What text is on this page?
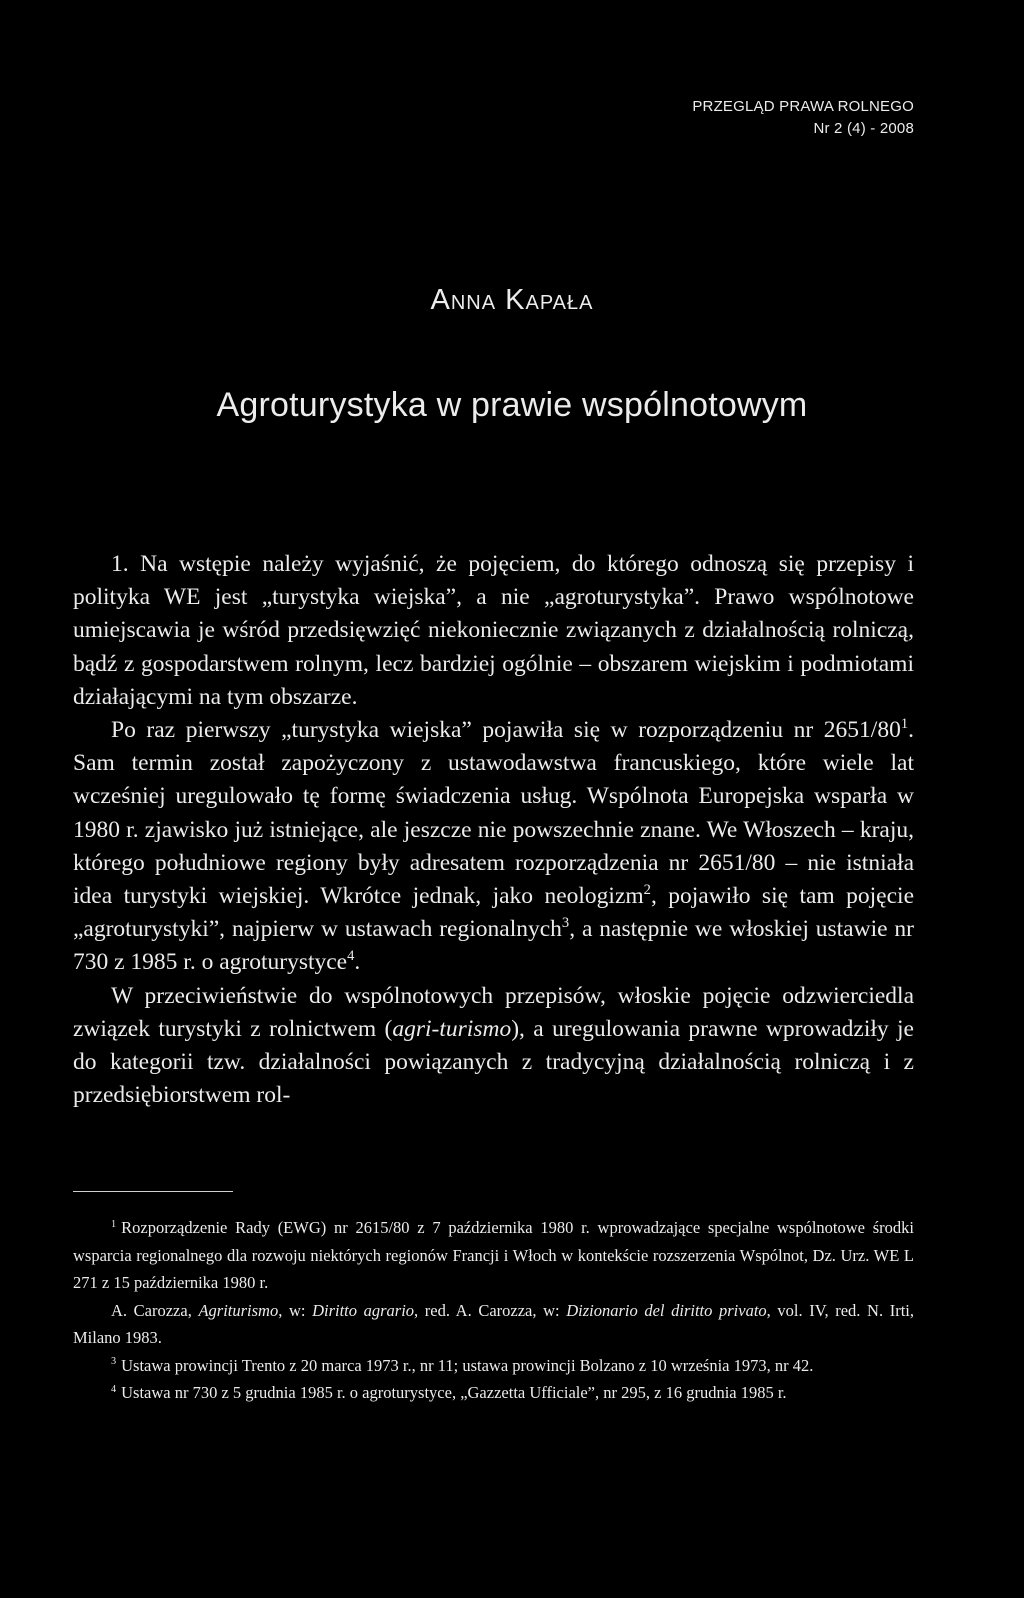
PRZEGLĄD PRAWA ROLNEGO
Nr 2 (4) - 2008
Anna Kapała
Agroturystyka w prawie wspólnotowym

1. Na wstępie należy wyjaśnić, że pojęciem, do którego odnoszą się przepisy i polityka WE jest „turystyka wiejska”, a nie „agroturystyka”. Prawo wspólnotowe umiejscawia je wśród przedsięwzięć niekoniecznie związanych z działalnością rolniczą, bądź z gospodarstwem rolnym, lecz bardziej ogólnie – obszarem wiejskim i podmiotami działającymi na tym obszarze.

Po raz pierwszy „turystyka wiejska” pojawiła się w rozporządzeniu nr $2651/80^1$. Sam termin został zapożyczony z ustawodawstwa francuskiego, które wiele lat wcześniej uregulowało tę formę świadczenia usług. Wspólnota Europejska wsparła w 1980 r. zjawisko już istniejące, ale jeszcze nie powszechnie znane. We Włoszech – kraju, którego południowe regiony były adresatem rozporządzenia nr 2651/80 – nie istniała idea turystyki wiejskiej. Wkrótce jednak, jako neologizm$^2$, pojawiło się tam pojęcie „agroturystyki”, najpierw w ustawach regionalnych$^3$, a następnie we włoskiej ustawie nr 730 z 1985 r. o agroturystyce$^4$.

W przeciwieństwie do wspólnotowych przepisów, włoskie pojęcie odzwierciedla związek turystyki z rolnictwem (agri-turismo), a uregulowania prawne wprowadziły je do kategorii tzw. działalności powiązanych z tradycyjną działalnością rolniczą i z przedsiębiorstwem rol-

$^1$ Rozporządzenie Rady (EWG) nr 2615/80 z 7 października 1980 r. wprowadzające specjalne wspólnotowe środki wsparcia regionalnego dla rozwoju niektórych regionów Francji i Włoch w kontekście rozszerzenia Wspólnot, Dz. Urz. WE L 271 z 15 października 1980 r.

A. Carozza, Agriturismo, w: Diritto agrario, red. A. Carozza, w: Dizionario del diritto privato, vol. IV, red. N. Irti, Milano 1983.

$^3$ Ustawa prowincji Trento z 20 marca 1973 r., nr 11; ustawa prowincji Bolzano z 10 września 1973, nr 42.

$^4$ Ustawa nr 730 z 5 grudnia 1985 r. o agroturystyce, „Gazzetta Ufficiale”, nr 295, z 16 grudnia 1985 r.
